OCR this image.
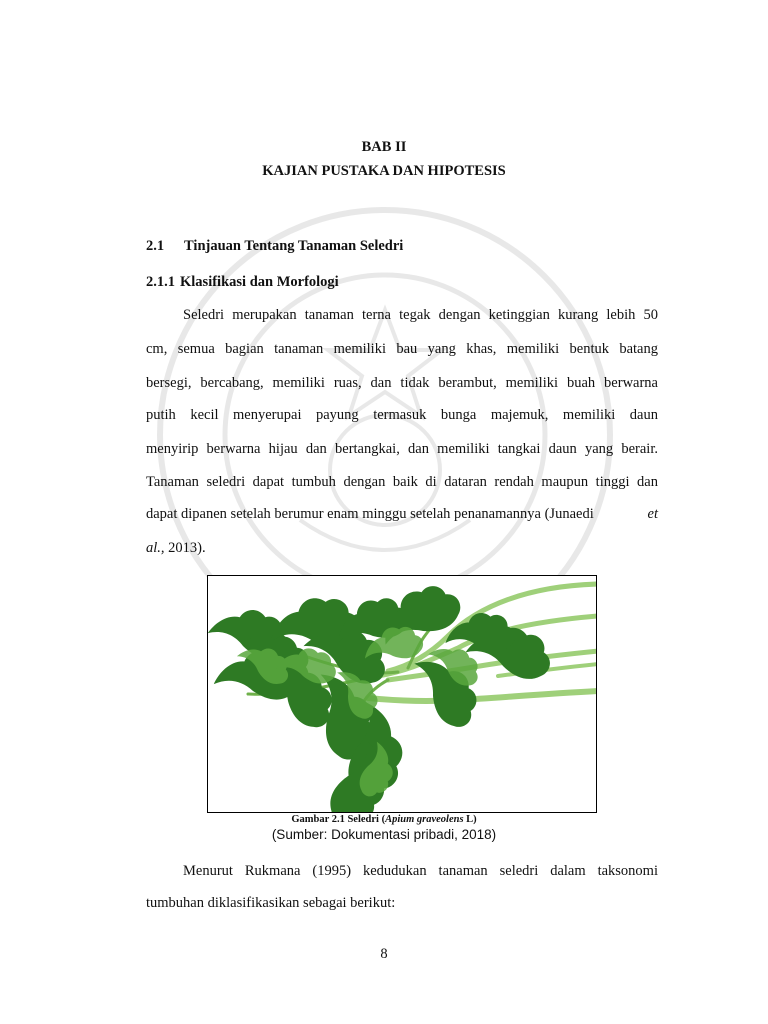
BAB II

KAJIAN PUSTAKA DAN HIPOTESIS

2.1 Tinjauan Tentang Tanaman Seledri

2.1.1 Klasifikasi dan Morfologi

Seledri merupakan tanaman terna tegak dengan ketinggian kurang lebih 50

cm, semua bagian tanaman memiliki bau yang khas, memiliki bentuk batang

bersegi, bercabang, memiliki ruas, dan tidak berambut, memiliki buah berwarna

putih kecil menyerupai payung termasuk bunga majemuk, memiliki daun

menyirip berwarna hijau dan bertangkai, dan memiliki tangkai daun yang berair.

Tanaman seledri dapat tumbuh dengan baik di dataran rendah maupun tinggi dan

dapat dipanen setelah berumur enam minggu setelah penanamannya (Junaedi	et

al., 2013).

Gambar 2.1 Seledri (Apium graveolens L)

(Sumber: Dokumentasi pribadi, 2018)

Menurut Rukmana (1995) kedudukan tanaman seledri dalam taksonomi

tumbuhan diklasifikasikan sebagai berikut:

8
